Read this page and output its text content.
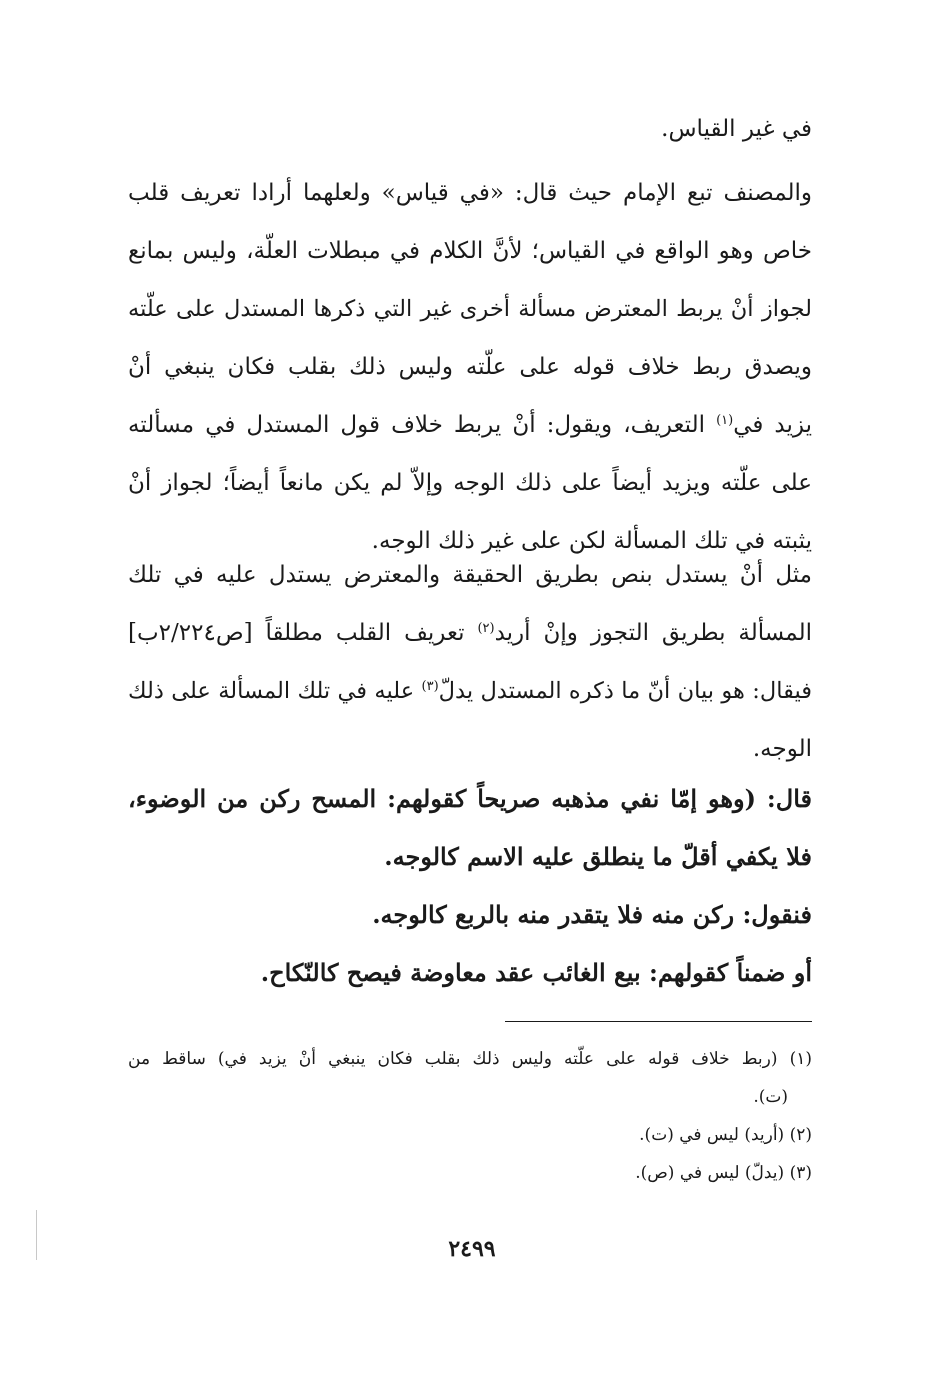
في غير القياس.
والمصنف تبع الإمام حيث قال: «في قياس» ولعلهما أرادا تعريف قلب
خاص وهو الواقع في القياس؛ لأنَّ الكلام في مبطلات العلّة، وليس بمانع
لجواز أنْ يربط المعترض مسألة أخرى غير التي ذكرها المستدل على علّته
ويصدق ربط خلاف قوله على علّته وليس ذلك بقلب فكان ينبغي أنْ
يزيد في$^{(١)}$ التعريف، ويقول: أنْ يربط خلاف قول المستدل في مسألته
على علّته ويزيد أيضاً على ذلك الوجه وإلاّ لم يكن مانعاً أيضاً؛ لجواز أنْ
يثبته في تلك المسألة لكن على غير ذلك الوجه.
مثل أنْ يستدل بنص بطريق الحقيقة والمعترض يستدل عليه في تلك
المسألة بطريق التجوز وإنْ أريد$^{(٢)}$ تعريف القلب مطلقاً [ص٢/٢٢٤ب]
فيقال: هو بيان أنّ ما ذكره المستدل يدلّ$^{(٣)}$ عليه في تلك المسألة على ذلك
الوجه.
قال: (وهو إمّا نفي مذهبه صريحاً كقولهم: المسح ركن من الوضوء،
فلا يكفي أقلّ ما ينطلق عليه الاسم كالوجه.
فنقول: ركن منه فلا يتقدر منه بالربع كالوجه.
أو ضمناً كقولهم: بيع الغائب عقد معاوضة فيصح كالنّكاح.
(١) (ربط خلاف قوله على علّته وليس ذلك بقلب فكان ينبغي أنْ يزيد في) ساقط من
(ت).
(٢) (أريد) ليس في (ت).
(٣) (يدلّ) ليس في (ص).
٢٤٩٩
